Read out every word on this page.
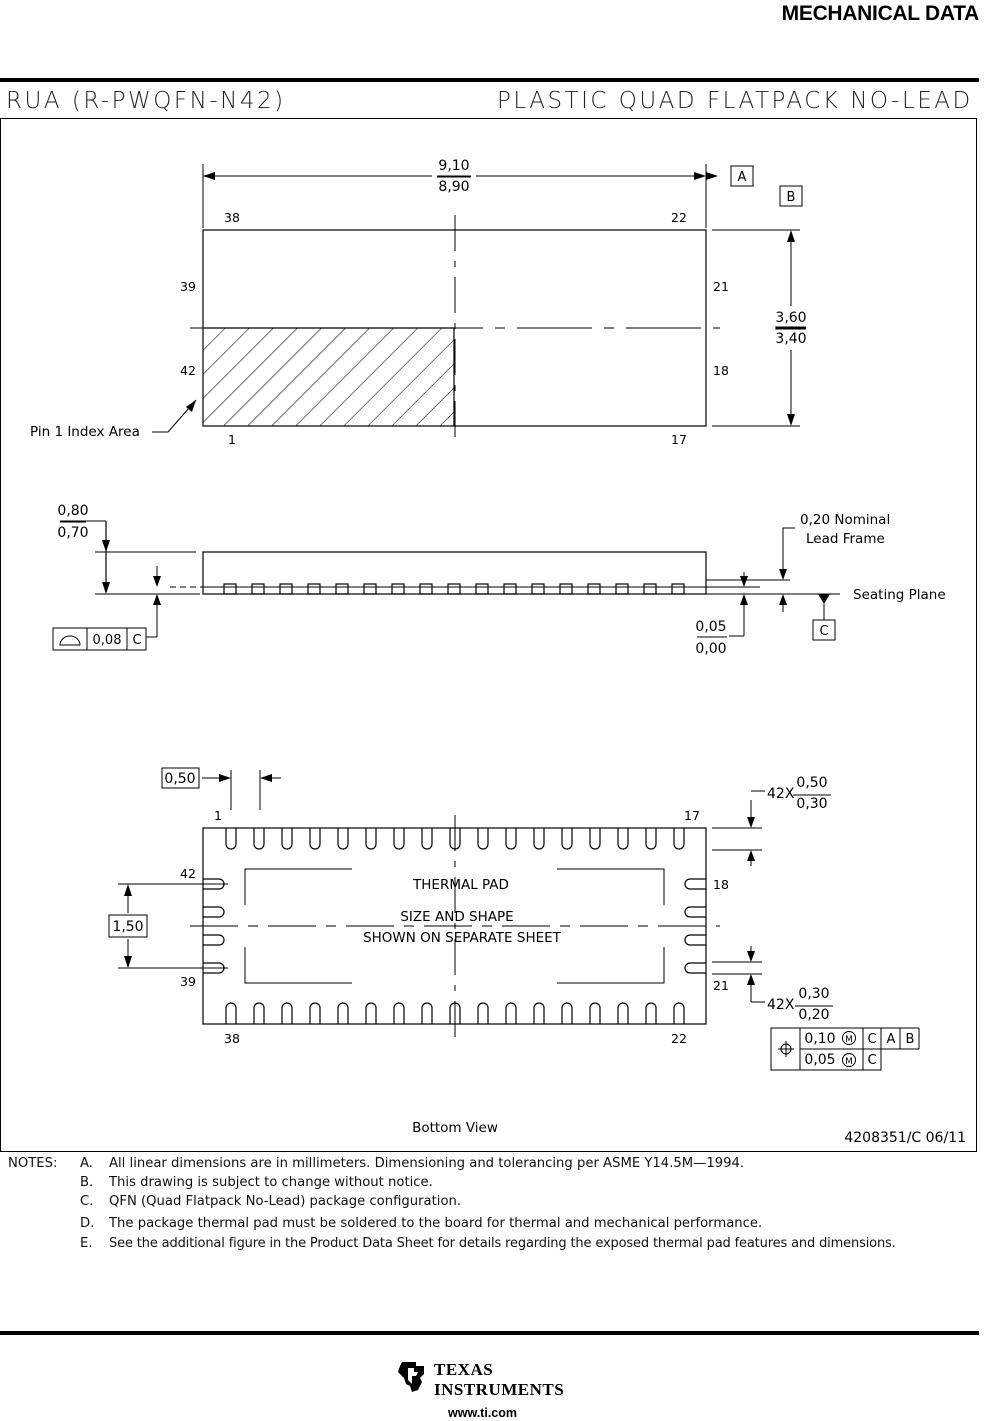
MECHANICAL DATA
RUA (R-PWQFN-N42)	PLASTIC QUAD FLATPACK NO-LEAD
9,10
8,90
A
B
3,60
3,40
Pin 1 Index Area
38	22
39
42
21
18
1	17
0,80
0,70
0,08 C
0,05
0,00
0,20 Nominal
Lead Frame
Seating Plane
C
0,50
1,50
1	17
42
39
18
21
38	22
THERMAL PAD
SIZE AND SHAPE
SHOWN ON SEPARATE SHEET
42X
0,50
0,30
42X
0,30
0,20
0,10 M C A B
0,05 M C
Bottom View
4208351/C 06/11
NOTES: A. All linear dimensions are in millimeters. Dimensioning and tolerancing per ASME Y14.5M—1994.
B. This drawing is subject to change without notice.
C. QFN (Quad Flatpack No-Lead) package configuration.
D. The package thermal pad must be soldered to the board for thermal and mechanical performance.
E. See the additional figure in the Product Data Sheet for details regarding the exposed thermal pad features and dimensions.
TEXAS
INSTRUMENTS
www.ti.com
